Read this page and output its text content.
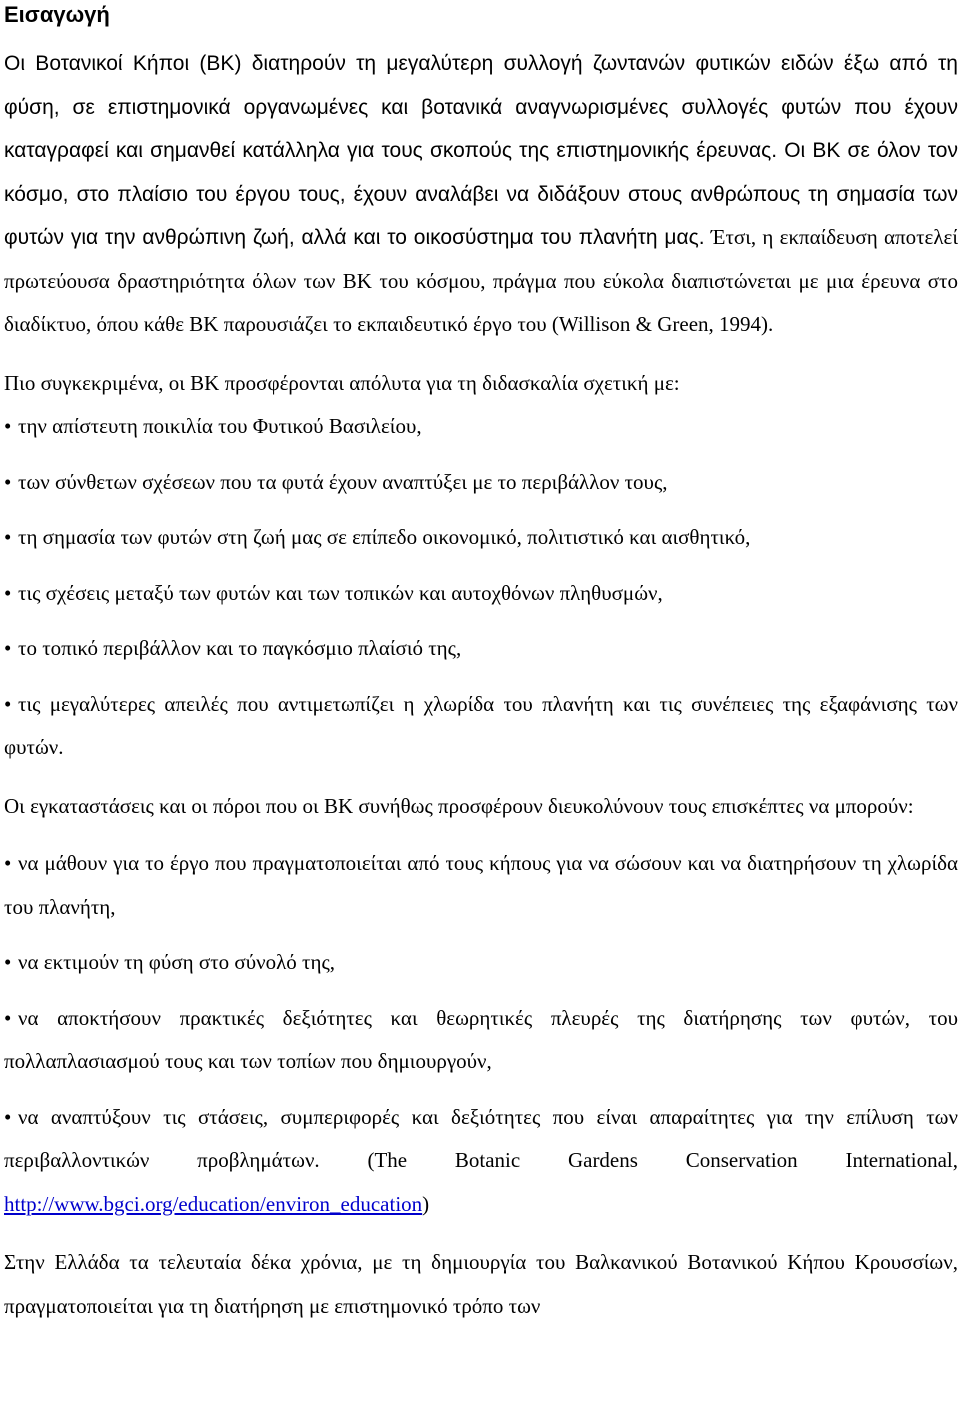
Εισαγωγή

Οι Βοτανικοί Κήποι (ΒΚ) διατηρούν τη μεγαλύτερη συλλογή ζωντανών φυτικών ειδών έξω από τη φύση, σε επιστημονικά οργανωμένες και βοτανικά αναγνωρισμένες συλλογές φυτών που έχουν καταγραφεί και σημανθεί κατάλληλα για τους σκοπούς της επιστημονικής έρευνας. Οι ΒΚ σε όλον τον κόσμο, στο πλαίσιο του έργου τους, έχουν αναλάβει να διδάξουν στους ανθρώπους τη σημασία των φυτών για την ανθρώπινη ζωή, αλλά και το οικοσύστημα του πλανήτη μας. Έτσι, η εκπαίδευση αποτελεί πρωτεύουσα δραστηριότητα όλων των ΒΚ του κόσμου, πράγμα που εύκολα διαπιστώνεται με μια έρευνα στο διαδίκτυο, όπου κάθε ΒΚ παρουσιάζει το εκπαιδευτικό έργο του (Willison & Green, 1994).

Πιο συγκεκριμένα, οι ΒΚ προσφέρονται απόλυτα για τη διδασκαλία σχετική με:

• την απίστευτη ποικιλία του Φυτικού Βασιλείου,

• των σύνθετων σχέσεων που τα φυτά έχουν αναπτύξει με το περιβάλλον τους,

• τη σημασία των φυτών στη ζωή μας σε επίπεδο οικονομικό, πολιτιστικό και αισθητικό,

• τις σχέσεις μεταξύ των φυτών και των τοπικών και αυτοχθόνων πληθυσμών,

• το τοπικό περιβάλλον και το παγκόσμιο πλαίσιό της,

• τις μεγαλύτερες απειλές που αντιμετωπίζει η χλωρίδα του πλανήτη και τις συνέπειες της εξαφάνισης των φυτών.

Οι εγκαταστάσεις και οι πόροι που οι ΒΚ συνήθως προσφέρουν διευκολύνουν τους επισκέπτες να μπορούν:

• να μάθουν για το έργο που πραγματοποιείται από τους κήπους για να σώσουν και να διατηρήσουν τη χλωρίδα του πλανήτη,

• να εκτιμούν τη φύση στο σύνολό της,

• να αποκτήσουν πρακτικές δεξιότητες και θεωρητικές πλευρές της διατήρησης των φυτών, του πολλαπλασιασμού τους και των τοπίων που δημιουργούν,

• να αναπτύξουν τις στάσεις, συμπεριφορές και δεξιότητες που είναι απαραίτητες για την επίλυση των περιβαλλοντικών προβλημάτων. (The Botanic Gardens Conservation International, http://www.bgci.org/education/environ_education)

Στην Ελλάδα τα τελευταία δέκα χρόνια, με τη δημιουργία του Βαλκανικού Βοτανικού Κήπου Κρουσσίων, πραγματοποιείται για τη διατήρηση με επιστημονικό τρόπο των
